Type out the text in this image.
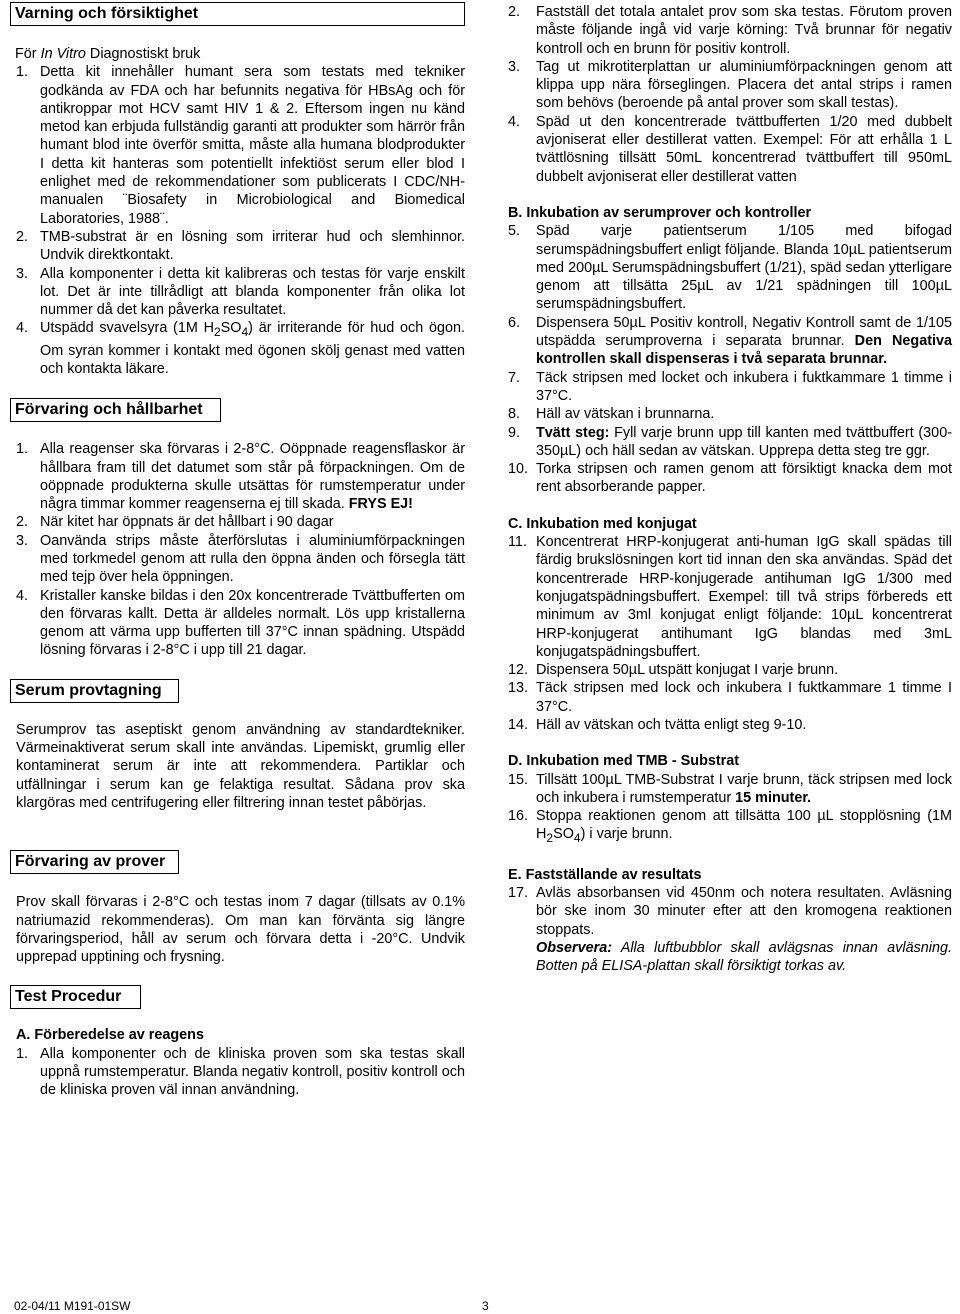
Varning och försiktighet

För In Vitro Diagnostiskt bruk

1. Detta kit innehåller humant sera som testats med tekniker godkända av FDA och har befunnits negativa för HBsAg och för antikroppar mot HCV samt HIV 1 & 2. Eftersom ingen nu känd metod kan erbjuda fullständig garanti att produkter som härrör från humant blod inte överför smitta, måste alla humana blodprodukter I detta kit hanteras som potentiellt infektiöst serum eller blod I enlighet med de rekommendationer som publicerats I CDC/NH-manualen ¨Biosafety in Microbiological and Biomedical Laboratories, 1988¨.
2. TMB-substrat är en lösning som irriterar hud och slemhinnor. Undvik direktkontakt.
3. Alla komponenter i detta kit kalibreras och testas för varje enskilt lot. Det är inte tillrådligt att blanda komponenter från olika lot nummer då det kan påverka resultatet.
4. Utspädd svavelsyra (1M $H_2SO_4$) är irriterande för hud och ögon. Om syran kommer i kontakt med ögonen skölj genast med vatten och kontakta läkare.
Förvaring och hållbarhet
1. Alla reagenser ska förvaras i 2-8°C. Oöppnade reagensflaskor är hållbara fram till det datumet som står på förpackningen. Om de oöppnade produkterna skulle utsättas för rumstemperatur under några timmar kommer reagenserna ej till skada. FRYS EJ!
2. När kitet har öppnats är det hållbart i 90 dagar
3. Oanvända strips måste återförslutas i aluminiumförpackningen med torkmedel genom att rulla den öppna änden och försegla tätt med tejp över hela öppningen.
4. Kristaller kanske bildas i den 20x koncentrerade Tvättbufferten om den förvaras kallt. Detta är alldeles normalt. Lös upp kristallerna genom att värma upp bufferten till 37°C innan spädning. Utspädd lösning förvaras i 2-8°C i upp till 21 dagar.
Serum provtagning

Serumprov tas aseptiskt genom användning av standardtekniker. Värmeinaktiverat serum skall inte användas. Lipemiskt, grumlig eller kontaminerat serum är inte att rekommendera. Partiklar och utfällningar i serum kan ge felaktiga resultat. Sådana prov ska klargöras med centrifugering eller filtrering innan testet påbörjas.

Förvaring av prover

Prov skall förvaras i 2-8°C och testas inom 7 dagar (tillsats av 0.1% natriumazid rekommenderas). Om man kan förvänta sig längre förvaringsperiod, håll av serum och förvara detta i -20°C. Undvik upprepad upptining och frysning.

Test Procedur

A. Förberedelse av reagens

1. Alla komponenter och de kliniska proven som ska testas skall uppnå rumstemperatur. Blanda negativ kontroll, positiv kontroll och de kliniska proven väl innan användning.
2.	Fastställ det totala antalet prov som ska testas. Förutom proven måste följande ingå vid varje körning: Två brunnar för negativ kontroll och en brunn för positiv kontroll.
3.	Tag ut mikrotiterplattan ur aluminiumförpackningen genom att klippa upp nära förseglingen. Placera det antal strips i ramen som behövs (beroende på antal prover som skall testas).
4.	Späd ut den koncentrerade tvättbufferten 1/20 med dubbelt avjoniserat eller destillerat vatten. Exempel: För att erhålla 1 L tvättlösning tillsätt 50mL koncentrerad tvättbuffert till 950mL dubbelt avjoniserat eller destillerat vatten

B. Inkubation av serumprover och kontroller

5.	Späd varje patientserum 1/105 med bifogad serumspädningsbuffert enligt följande. Blanda 10µL patientserum med 200µL Serumspädningsbuffert (1/21), späd sedan ytterligare genom att tillsätta 25µL av 1/21 spädningen till 100µL serumspädningsbuffert.
6.	Dispensera 50µL Positiv kontroll, Negativ Kontroll samt de 1/105 utspädda serumproverna i separata brunnar. Den Negativa kontrollen skall dispenseras i två separata brunnar.
7.	Täck stripsen med locket och inkubera i fuktkammare 1 timme i 37°C.
8.	Häll av vätskan i brunnarna.
9.	Tvätt steg: Fyll varje brunn upp till kanten med tvättbuffert (300-350µL) och häll sedan av vätskan. Upprepa detta steg tre ggr.
10. Torka stripsen och ramen genom att försiktigt knacka dem mot rent absorberande papper.

C. Inkubation med konjugat

11. Koncentrerat HRP-konjugerat anti-human IgG skall spädas till färdig brukslösningen kort tid innan den ska användas. Späd det koncentrerade HRP-konjugerade antihuman IgG 1/300 med konjugatspädningsbuffert. Exempel: till två strips förbereds ett minimum av 3ml konjugat enligt följande: 10µL koncentrerat HRP-konjugerat antihumant IgG blandas med 3mL konjugatspädningsbuffert.
12. Dispensera 50µL utspätt konjugat I varje brunn.
13. Täck stripsen med lock och inkubera I fuktkammare 1 timme I 37°C.
14. Häll av vätskan och tvätta enligt steg 9-10.

D. Inkubation med TMB - Substrat

15. Tillsätt 100µL TMB-Substrat I varje brunn, täck stripsen med lock och inkubera i rumstemperatur 15 minuter.
16. Stoppa reaktionen genom att tillsätta 100 µL stopplösning (1M $H_2SO_4$) i varje brunn.

E. Fastställande av resultats

17. Avläs absorbansen vid 450nm och notera resultaten. Avläsning bör ske inom 30 minuter efter att den kromogena reaktionen stoppats.
Observera: Alla luftbubblor skall avlägsnas innan avläsning. Botten på ELISA-plattan skall försiktigt torkas av.
02-04/11 M191-01SW	3
